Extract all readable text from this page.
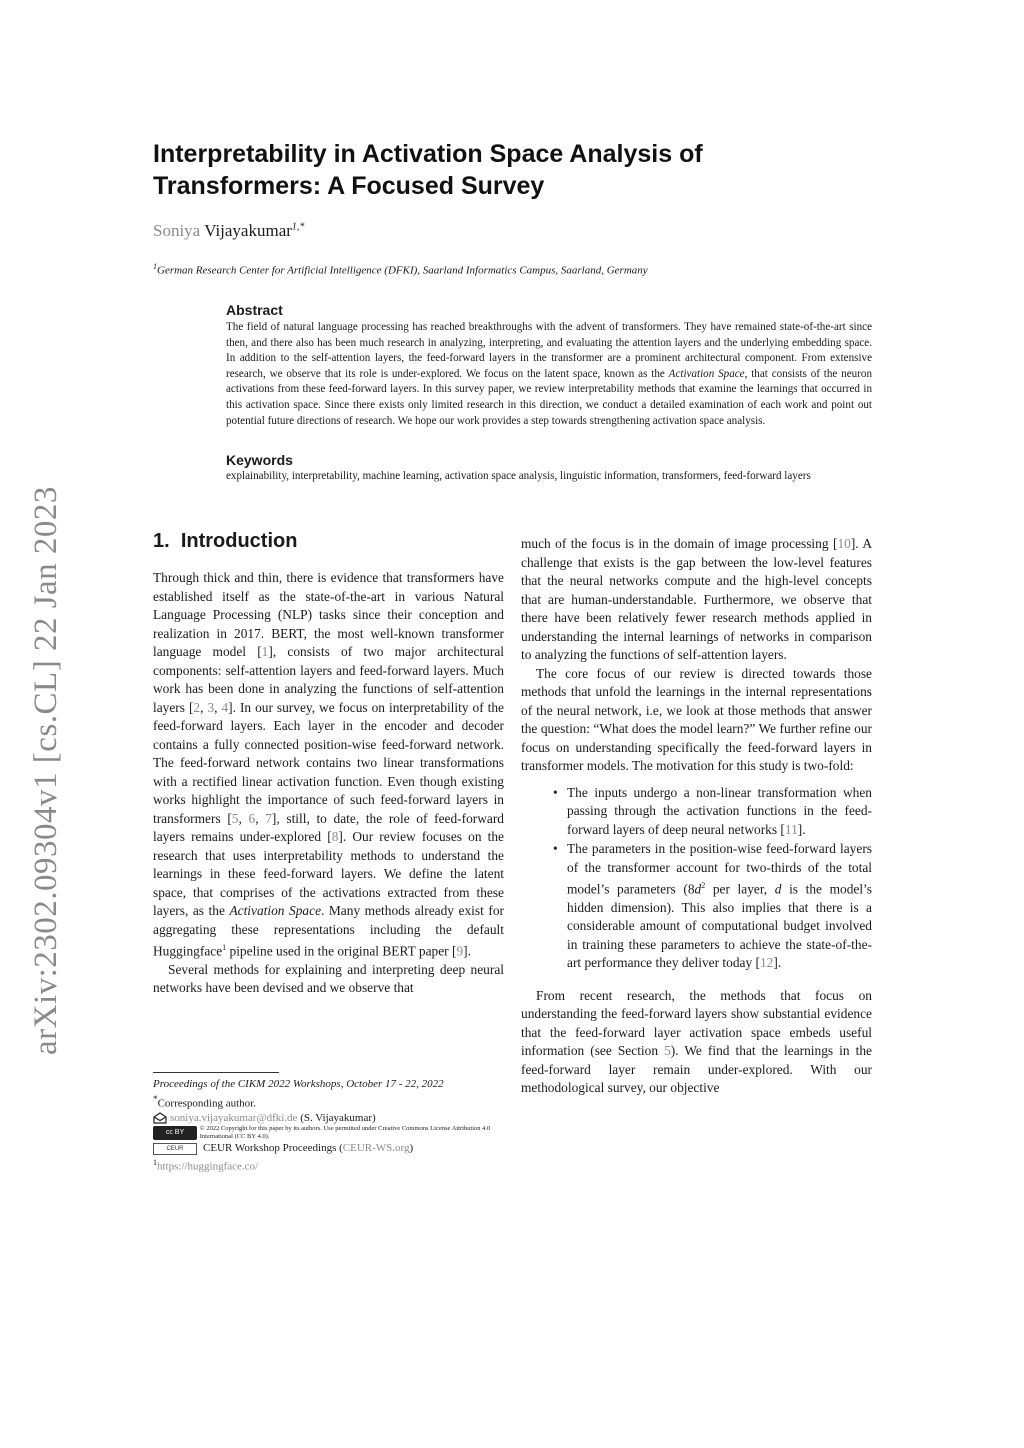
arXiv:2302.09304v1 [cs.CL] 22 Jan 2023
Interpretability in Activation Space Analysis of
Transformers: A Focused Survey
Soniya Vijayakumar$^{1,*}$
$^1$German Research Center for Artificial Intelligence (DFKI), Saarland Informatics Campus, Saarland, Germany
Abstract
The field of natural language processing has reached breakthroughs with the advent of transformers. They have remained state-of-the-art since then, and there also has been much research in analyzing, interpreting, and evaluating the attention layers and the underlying embedding space. In addition to the self-attention layers, the feed-forward layers in the transformer are a prominent architectural component. From extensive research, we observe that its role is under-explored. We focus on the latent space, known as the Activation Space, that consists of the neuron activations from these feed-forward layers. In this survey paper, we review interpretability methods that examine the learnings that occurred in this activation space. Since there exists only limited research in this direction, we conduct a detailed examination of each work and point out potential future directions of research. We hope our work provides a step towards strengthening activation space analysis.
Keywords
explainability, interpretability, machine learning, activation space analysis, linguistic information, transformers, feed-forward layers
1. Introduction

Through thick and thin, there is evidence that transformers have established itself as the state-of-the-art in various Natural Language Processing (NLP) tasks since their conception and realization in 2017. BERT, the most well-known transformer language model [1], consists of two major architectural components: self-attention layers and feed-forward layers. Much work has been done in analyzing the functions of self-attention layers [2, 3, 4]. In our survey, we focus on interpretability of the feed-forward layers. Each layer in the encoder and decoder contains a fully connected position-wise feed-forward network. The feed-forward network contains two linear transformations with a rectified linear activation function. Even though existing works highlight the importance of such feed-forward layers in transformers [5, 6, 7], still, to date, the role of feed-forward layers remains under-explored [8]. Our review focuses on the research that uses interpretability methods to understand the learnings in these feed-forward layers. We define the latent space, that comprises of the activations extracted from these layers, as the Activation Space. Many methods already exist for aggregating these representations including the default Huggingface$^1$ pipeline used in the original BERT paper [9].

Several methods for explaining and interpreting deep neural networks have been devised and we observe that

much of the focus is in the domain of image processing [10]. A challenge that exists is the gap between the low-level features that the neural networks compute and the high-level concepts that are human-understandable. Furthermore, we observe that there have been relatively fewer research methods applied in understanding the internal learnings of networks in comparison to analyzing the functions of self-attention layers.

The core focus of our review is directed towards those methods that unfold the learnings in the internal representations of the neural network, i.e, we look at those methods that answer the question: “What does the model learn?” We further refine our focus on understanding specifically the feed-forward layers in transformer models. The motivation for this study is two-fold:

• The inputs undergo a non-linear transformation when passing through the activation functions in the feed-forward layers of deep neural networks [11].
• The parameters in the position-wise feed-forward layers of the transformer account for two-thirds of the total model’s parameters (8d$^2$ per layer, d is the model’s hidden dimension). This also implies that there is a considerable amount of computational budget involved in training these parameters to achieve the state-of-the-art performance they deliver today [12].

From recent research, the methods that focus on understanding the feed-forward layers show substantial evidence that the feed-forward layer activation space embeds useful information (see Section 5). We find that the learnings in the feed-forward layer remain under-explored. With our methodological survey, our objective

Proceedings of the CIKM 2022 Workshops, October 17 - 22, 2022
*Corresponding author.
soniya.vijayakumar@dfki.de (S. Vijayakumar)
cc BY © 2022 Copyright for this paper by its authors. Use permitted under Creative Commons License Attribution 4.0 International (CC BY 4.0).
CEUR CEUR Workshop Proceedings (CEUR-WS.org)
$^1$https://huggingface.co/
